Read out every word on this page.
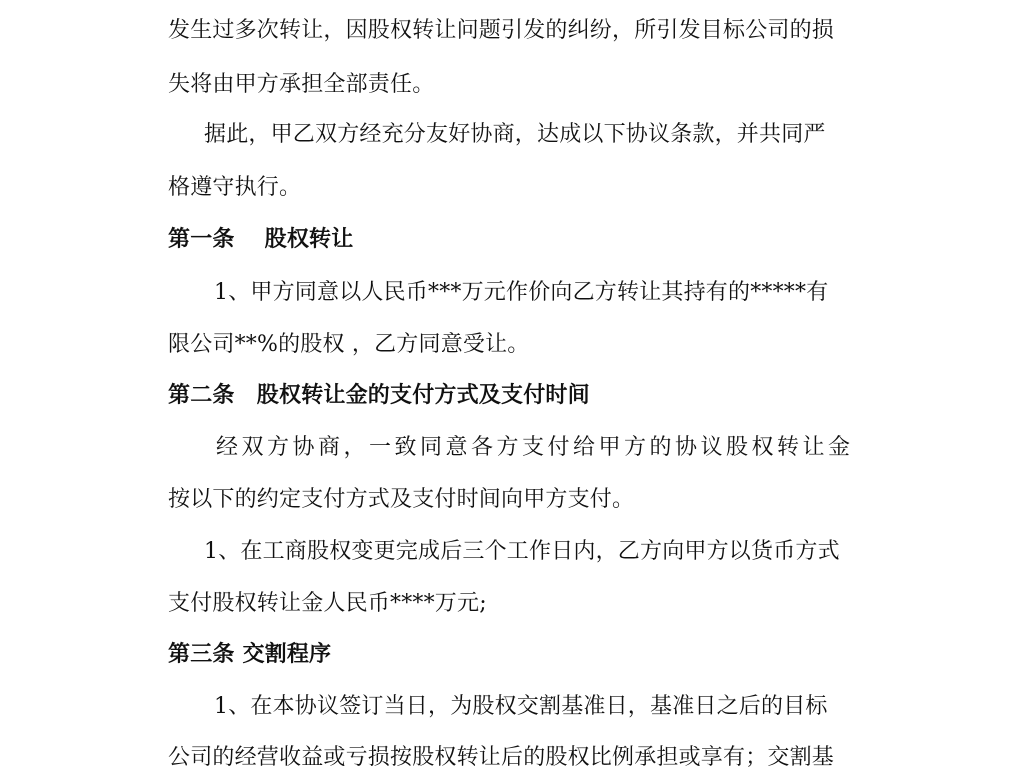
发生过多次转让，因股权转让问题引发的纠纷，所引发目标公司的损
失将由甲方承担全部责任。
据此，甲乙双方经充分友好协商，达成以下协议条款，并共同严
格遵守执行。
第一条　 股权转让
1、甲方同意以人民币***万元作价向乙方转让其持有的*****有
限公司**%的股权 ，乙方同意受让。
第二条　股权转让金的支付方式及支付时间
经双方协商，一致同意各方支付给甲方的协议股权转让金
按以下的约定支付方式及支付时间向甲方支付。
1、在工商股权变更完成后三个工作日内，乙方向甲方以货币方式
支付股权转让金人民币****万元;
第三条 交割程序
1、在本协议签订当日，为股权交割基准日，基准日之后的目标
公司的经营收益或亏损按股权转让后的股权比例承担或享有；交割基
